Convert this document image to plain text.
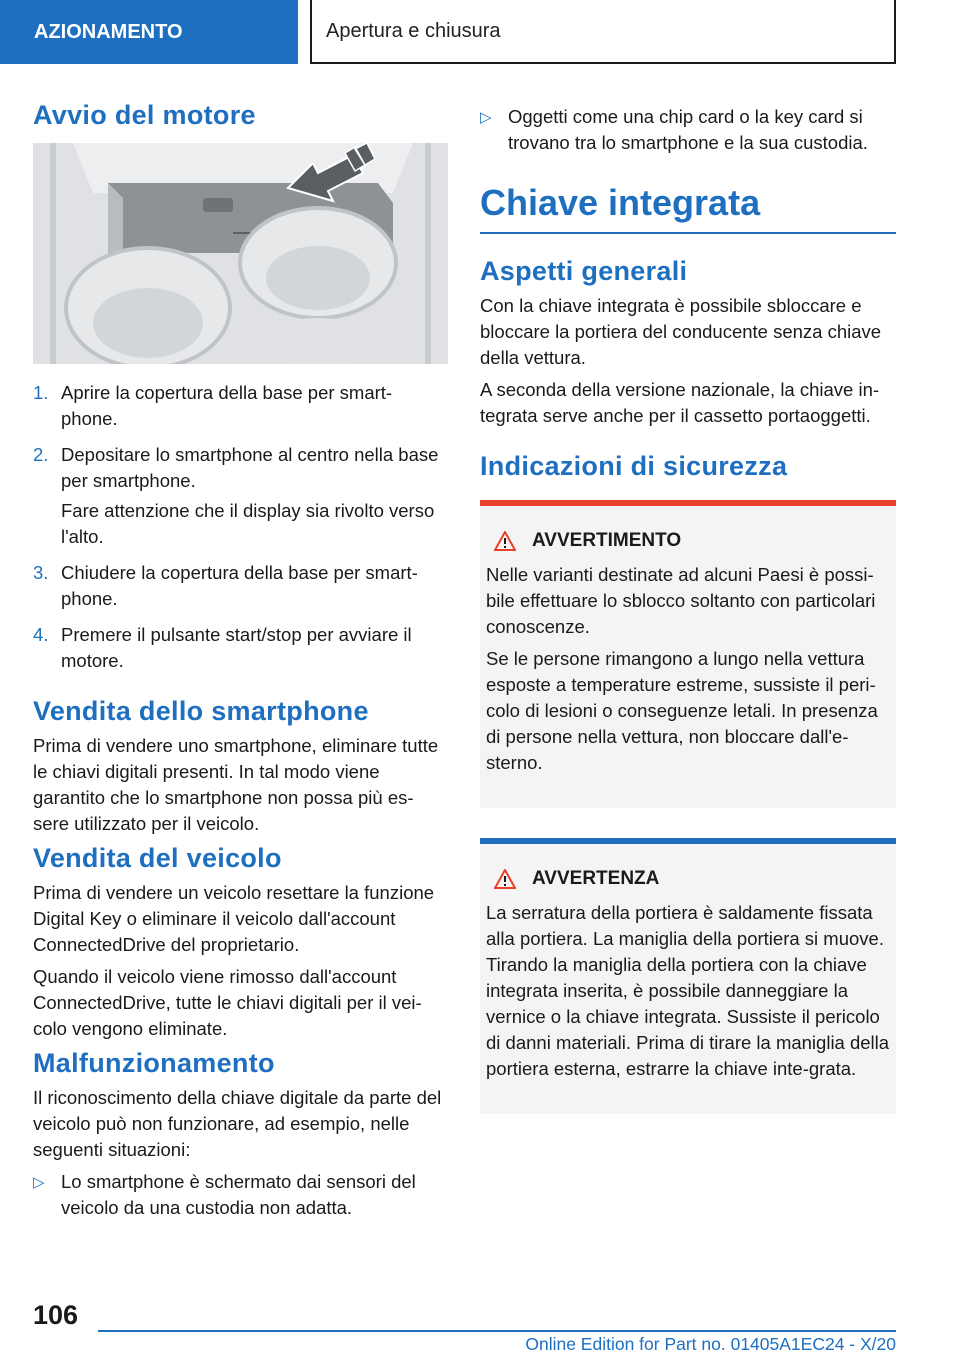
AZIONAMENTO	Apertura e chiusura
Avvio del motore
1. Aprire la copertura della base per smart-phone.

2. Depositare lo smartphone al centro nella base per smartphone.

Fare attenzione che il display sia rivolto verso l'alto.

3. Chiudere la copertura della base per smart-phone.

4. Premere il pulsante start/stop per avviare il motore.

Vendita dello smartphone

Prima di vendere uno smartphone, eliminare tutte le chiavi digitali presenti. In tal modo viene garantito che lo smartphone non possa più es-sere utilizzato per il veicolo.

Vendita del veicolo

Prima di vendere un veicolo resettare la funzione Digital Key o eliminare il veicolo dall'account ConnectedDrive del proprietario.

Quando il veicolo viene rimosso dall'account ConnectedDrive, tutte le chiavi digitali per il vei-colo vengono eliminate.

Malfunzionamento

Il riconoscimento della chiave digitale da parte del veicolo può non funzionare, ad esempio, nelle seguenti situazioni:

▷ Lo smartphone è schermato dai sensori del veicolo da una custodia non adatta.
▷ Oggetti come una chip card o la key card si trovano tra lo smartphone e la sua custodia.
Chiave integrata
Aspetti generali

Con la chiave integrata è possibile sbloccare e bloccare la portiera del conducente senza chiave della vettura.

A seconda della versione nazionale, la chiave in-tegrata serve anche per il cassetto portaoggetti.

Indicazioni di sicurezza
AVVERTIMENTO

Nelle varianti destinate ad alcuni Paesi è possi-bile effettuare lo sblocco soltanto con particolari conoscenze.

Se le persone rimangono a lungo nella vettura esposte a temperature estreme, sussiste il peri-colo di lesioni o conseguenze letali. In presenza di persone nella vettura, non bloccare dall'e-sterno.

AVVERTENZA

La serratura della portiera è saldamente fissata alla portiera. La maniglia della portiera si muove. Tirando la maniglia della portiera con la chiave integrata inserita, è possibile danneggiare la vernice o la chiave integrata. Sussiste il pericolo di danni materiali. Prima di tirare la maniglia della portiera esterna, estrarre la chiave inte-grata.

106
Online Edition for Part no. 01405A1EC24 - X/20
